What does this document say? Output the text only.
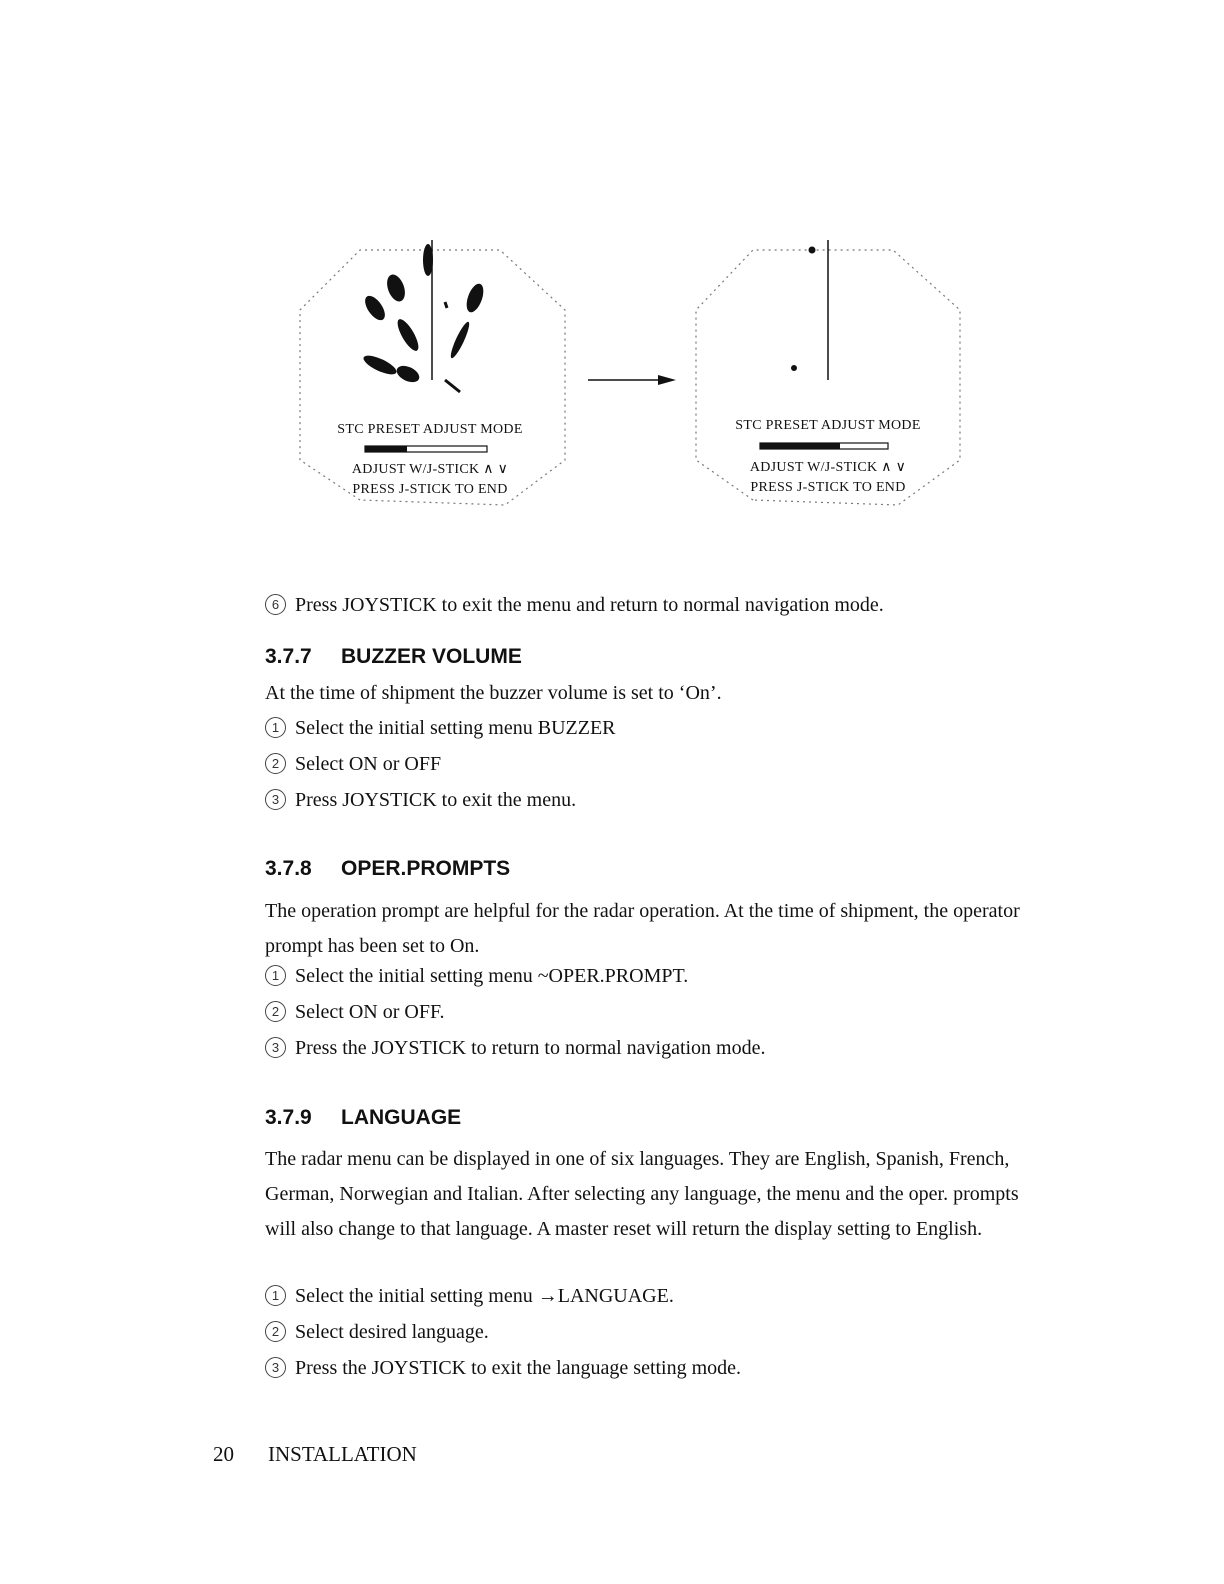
STC PRESET ADJUST MODE
ADJUST W/J-STICK ∧ ∨
PRESS J-STICK TO END
STC PRESET ADJUST MODE
ADJUST W/J-STICK ∧ ∨
PRESS J-STICK TO END
6 Press JOYSTICK to exit the menu and return to normal navigation mode.
3.7.7 BUZZER VOLUME
At the time of shipment the buzzer volume is set to ‘On’.
1 Select the initial setting menu BUZZER
2 Select ON or OFF
3 Press JOYSTICK to exit the menu.
3.7.8 OPER.PROMPTS
The operation prompt are helpful for the radar operation. At the time of shipment, the operator prompt has been set to On.
1 Select the initial setting menu ~OPER.PROMPT.
2 Select ON or OFF.
3 Press the JOYSTICK to return to normal navigation mode.
3.7.9 LANGUAGE
The radar menu can be displayed in one of six languages. They are English, Spanish, French, German, Norwegian and Italian. After selecting any language, the menu and the oper. prompts will also change to that language. A master reset will return the display setting to English.
1 Select the initial setting menu →LANGUAGE.
2 Select desired language.
3 Press the JOYSTICK to exit the language setting mode.
20 INSTALLATION
